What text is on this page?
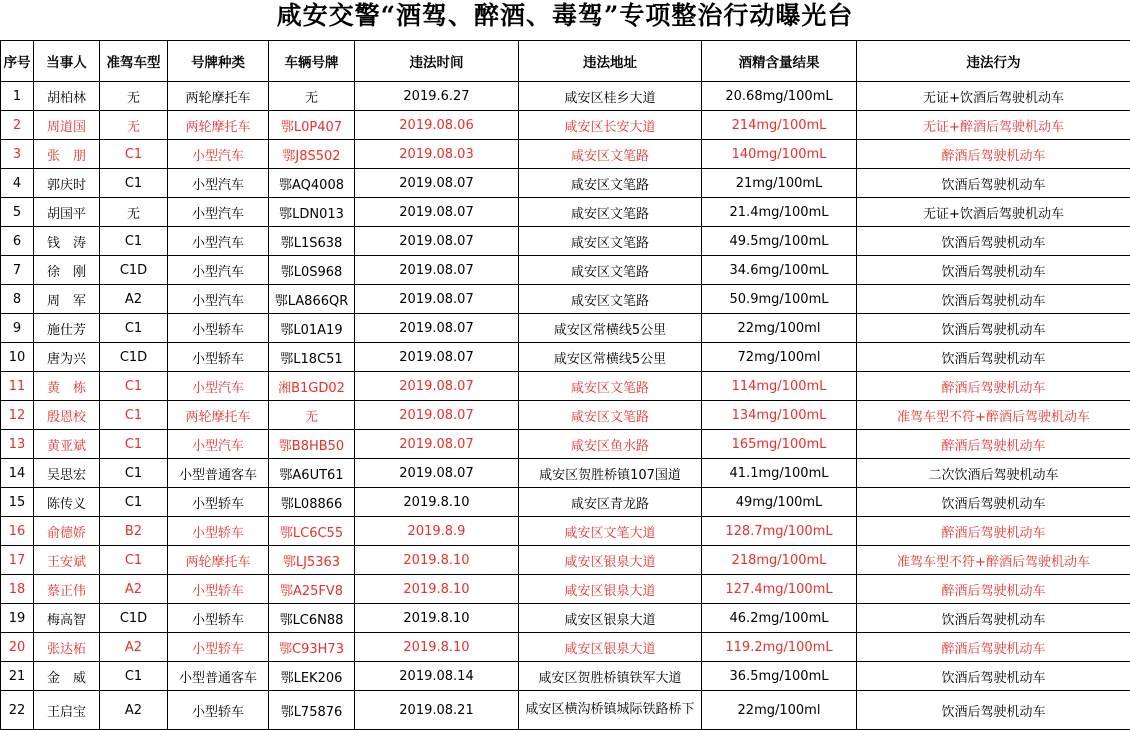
咸安交警“酒驾、醉酒、毒驾”专项整治行动曝光台
序号	当事人	准驾车型	号牌种类	车辆号牌	违法时间	违法地址	酒精含量结果	违法行为
1	胡柏林	无	两轮摩托车	无	2019.6.27	咸安区桂乡大道	20.68mg/100mL	无证+饮酒后驾驶机动车
2	周道国	无	两轮摩托车	鄂L0P407	2019.08.06	咸安区长安大道	214mg/100mL	无证+醉酒后驾驶机动车
3	张　朋	C1	小型汽车	鄂J8S502	2019.08.03	咸安区文笔路	140mg/100mL	醉酒后驾驶机动车
4	郭庆时	C1	小型汽车	鄂AQ4008	2019.08.07	咸安区文笔路	21mg/100mL	饮酒后驾驶机动车
5	胡国平	无	小型汽车	鄂LDN013	2019.08.07	咸安区文笔路	21.4mg/100mL	无证+饮酒后驾驶机动车
6	钱　涛	C1	小型汽车	鄂L1S638	2019.08.07	咸安区文笔路	49.5mg/100mL	饮酒后驾驶机动车
7	徐　刚	C1D	小型汽车	鄂L0S968	2019.08.07	咸安区文笔路	34.6mg/100mL	饮酒后驾驶机动车
8	周　军	A2	小型汽车	鄂LA866QR	2019.08.07	咸安区文笔路	50.9mg/100mL	饮酒后驾驶机动车
9	施仕芳	C1	小型轿车	鄂L01A19	2019.08.07	咸安区常横线5公里	22mg/100ml	饮酒后驾驶机动车
10	唐为兴	C1D	小型轿车	鄂L18C51	2019.08.07	咸安区常横线5公里	72mg/100ml	饮酒后驾驶机动车
11	黄　栋	C1	小型汽车	湘B1GD02	2019.08.07	咸安区文笔路	114mg/100mL	醉酒后驾驶机动车
12	殷恩校	C1	两轮摩托车	无	2019.08.07	咸安区文笔路	134mg/100mL	准驾车型不符+醉酒后驾驶机动车
13	黄亚斌	C1	小型汽车	鄂B8HB50	2019.08.07	咸安区鱼水路	165mg/100mL	醉酒后驾驶机动车
14	吴思宏	C1	小型普通客车	鄂A6UT61	2019.08.07	咸安区贺胜桥镇107国道	41.1mg/100mL	二次饮酒后驾驶机动车
15	陈传义	C1	小型轿车	鄂L08866	2019.8.10	咸安区青龙路	49mg/100mL	饮酒后驾驶机动车
16	俞德娇	B2	小型轿车	鄂LC6C55	2019.8.9	咸安区文笔大道	128.7mg/100mL	醉酒后驾驶机动车
17	王安斌	C1	两轮摩托车	鄂LJ5363	2019.8.10	咸安区银泉大道	218mg/100mL	准驾车型不符+醉酒后驾驶机动车
18	蔡正伟	A2	小型轿车	鄂A25FV8	2019.8.10	咸安区银泉大道	127.4mg/100mL	醉酒后驾驶机动车
19	梅高智	C1D	小型轿车	鄂LC6N88	2019.8.10	咸安区银泉大道	46.2mg/100mL	饮酒后驾驶机动车
20	张达柘	A2	小型轿车	鄂C93H73	2019.8.10	咸安区银泉大道	119.2mg/100mL	醉酒后驾驶机动车
21	金　威	C1	小型普通客车	鄂LEK206	2019.08.14	咸安区贺胜桥镇铁军大道	36.5mg/100mL	饮酒后驾驶机动车
22	王启宝	A2	小型轿车	鄂L75876	2019.08.21	咸安区横沟桥镇城际铁路桥下	22mg/100ml	饮酒后驾驶机动车
